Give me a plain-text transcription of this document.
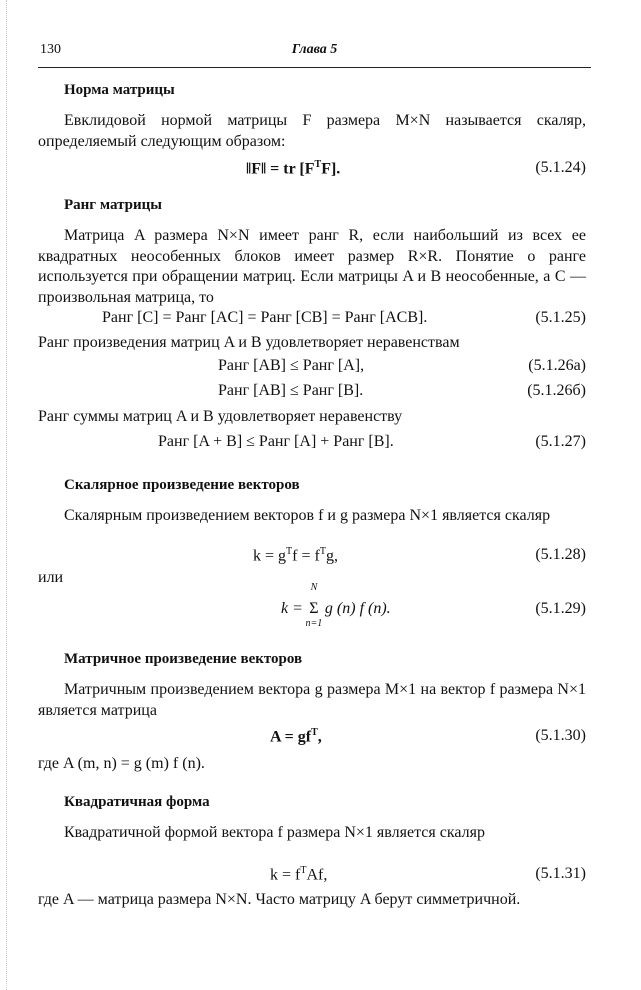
130	Глава 5
Норма матрицы
Евклидовой нормой матрицы F размера M×N называется скаляр, определяемый следующим образом:
‖F‖ = tr $[F^TF]$.	(5.1.24)
Ранг матрицы
Матрица A размера N×N имеет ранг R, если наибольший из всех ее квадратных неособенных блоков имеет размер R×R. Понятие о ранге используется при обращении матриц. Если матрицы A и B неособенные, а C — произвольная матрица, то
Ранг [C] = Ранг [AC] = Ранг [CB] = Ранг [ACB].	(5.1.25)
Ранг произведения матриц A и B удовлетворяет неравенствам
Ранг [AB] ≤ Ранг [A],	(5.1.26а)
Ранг [AB] ≤ Ранг [B].	(5.1.26б)
Ранг суммы матриц A и B удовлетворяет неравенству
Ранг [A + B] ≤ Ранг [A] + Ранг [B].	(5.1.27)
Скалярное произведение векторов
Скалярным произведением векторов f и g размера N×1 является скаляр
$k = g^Tf = f^Tg$,	(5.1.28)
или
k =
N
Σ
n=1
g (n) f (n).	(5.1.29)
Матричное произведение векторов
Матричным произведением вектора g размера M×1 на вектор f размера N×1 является матрица
$A = gf^T$,	(5.1.30)
где A (m, n) = g (m) f (n).
Квадратичная форма
Квадратичной формой вектора f размера N×1 является скаляр
$k = f^TAf$,	(5.1.31)
где A — матрица размера N×N. Часто матрицу A берут симметричной.
